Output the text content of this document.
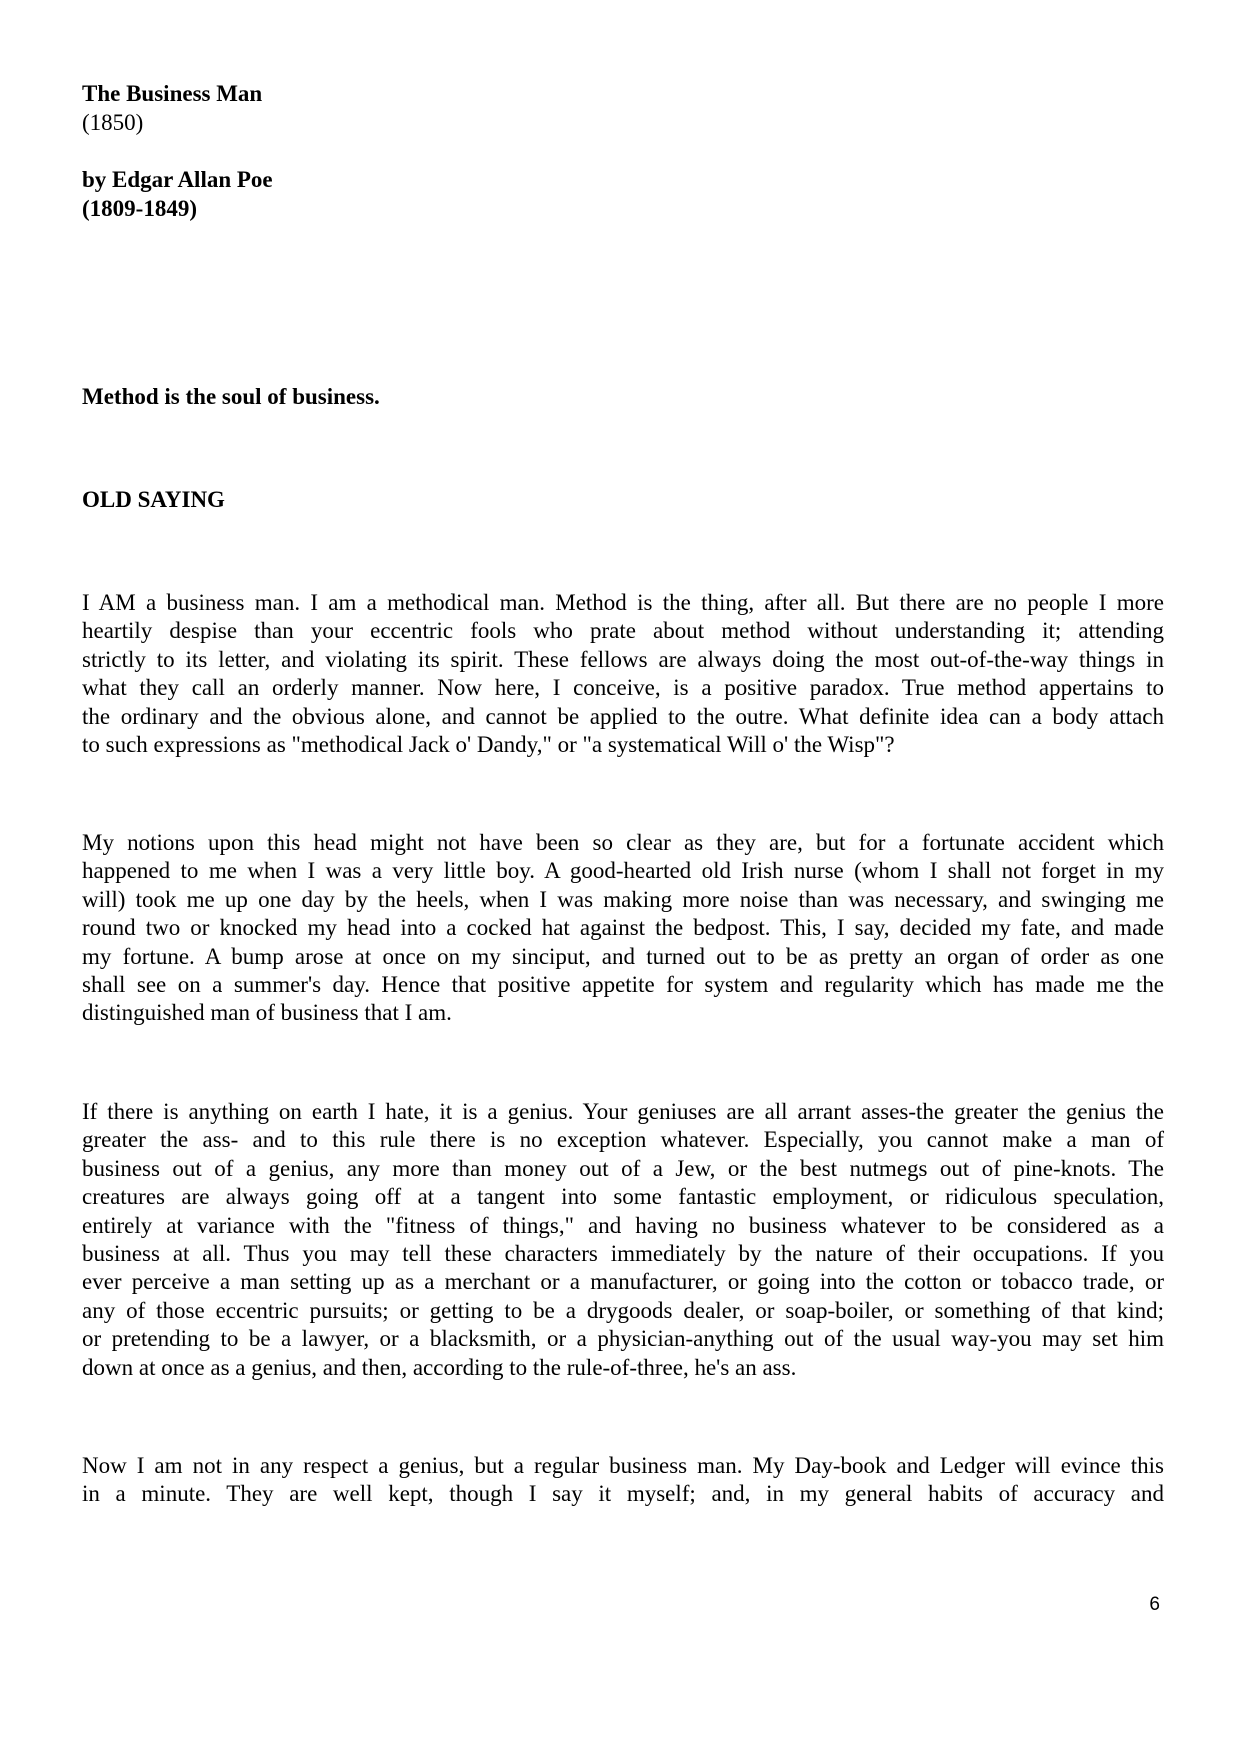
The Business Man
(1850)
by Edgar Allan Poe
(1809-1849)
Method is the soul of business.
OLD SAYING
I AM a business man. I am a methodical man. Method is the thing, after all. But there are no people I more
heartily despise than your eccentric fools who prate about method without understanding it; attending
strictly to its letter, and violating its spirit. These fellows are always doing the most out-of-the-way things in
what they call an orderly manner. Now here, I conceive, is a positive paradox. True method appertains to
the ordinary and the obvious alone, and cannot be applied to the outre. What definite idea can a body attach
to such expressions as "methodical Jack o' Dandy," or "a systematical Will o' the Wisp"?
My notions upon this head might not have been so clear as they are, but for a fortunate accident which
happened to me when I was a very little boy. A good-hearted old Irish nurse (whom I shall not forget in my
will) took me up one day by the heels, when I was making more noise than was necessary, and swinging me
round two or knocked my head into a cocked hat against the bedpost. This, I say, decided my fate, and made
my fortune. A bump arose at once on my sinciput, and turned out to be as pretty an organ of order as one
shall see on a summer's day. Hence that positive appetite for system and regularity which has made me the
distinguished man of business that I am.
If there is anything on earth I hate, it is a genius. Your geniuses are all arrant asses-the greater the genius the
greater the ass- and to this rule there is no exception whatever. Especially, you cannot make a man of
business out of a genius, any more than money out of a Jew, or the best nutmegs out of pine-knots. The
creatures are always going off at a tangent into some fantastic employment, or ridiculous speculation,
entirely at variance with the "fitness of things," and having no business whatever to be considered as a
business at all. Thus you may tell these characters immediately by the nature of their occupations. If you
ever perceive a man setting up as a merchant or a manufacturer, or going into the cotton or tobacco trade, or
any of those eccentric pursuits; or getting to be a drygoods dealer, or soap-boiler, or something of that kind;
or pretending to be a lawyer, or a blacksmith, or a physician-anything out of the usual way-you may set him
down at once as a genius, and then, according to the rule-of-three, he's an ass.
Now I am not in any respect a genius, but a regular business man. My Day-book and Ledger will evince this
in a minute. They are well kept, though I say it myself; and, in my general habits of accuracy and
6
